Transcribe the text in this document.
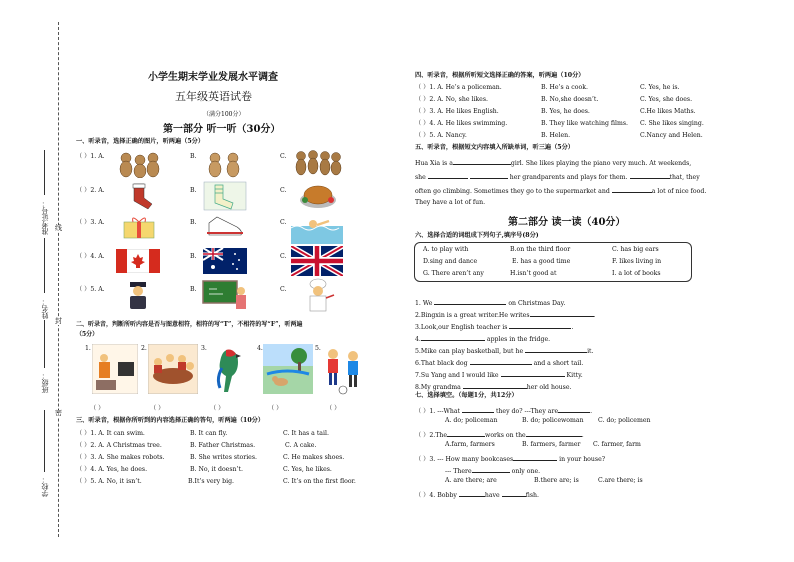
准考证号：
姓名：
班级：
学校：
线
封
密
小学生期末学业发展水平调查
五年级英语试卷
（满分100分）
第一部分 听一听（30分）
一、听录音，选择正确的图片，听两遍（5分）
（ ）1. A.	B.	C.
（ ）2. A.	B.	C.
（ ）3. A.	B.	C.
（ ）4. A.	B.	C.
（ ）5. A.	B.	C.
二、听录音，判断所听内容是否与图意相符，相符的写“T”，不相符的写“F”，听两遍
（5分）
1.	2.	3.	4.	5.
（ ）	（ ）	（ ）	（ ）	（ ）
三、听录音，根据你所听到的内容选择正确的答句，听两遍（10分）
（ ）1. A. It can swim.	B. It can fly.	C. It has a tail.
（ ）2. A. A Christmas tree.	B. Father Christmas.	C. A cake.
（ ）3. A. She makes robots.	B. She writes stories.	C. He makes shoes.
（ ）4. A. Yes, he does.	B. No, it doesn’t.	C. Yes, he likes.
（ ）5. A. No, it isn’t.	B.It’s very big.	C. It’s on the first floor.
四、听录音，根据所听短文选择正确的答案，听两遍（10分）
（ ）1. A. He’s a policeman.	B. He’s a cook.	C. Yes, he is.
（ ）2. A. No, she likes.	B. No,she doesn’t.	C. Yes, she does.
（ ）3. A. He likes English.	B. Yes, he does.	C.He likes Maths.
（ ）4. A. He likes swimming.	B. They like watching films. C. She likes singing.
（ ）5. A. Nancy.	B. Helen.	C.Nancy and Helen.
五、听录音，根据短文内容填入所缺单词，听三遍（5分）
Hua Xia is a	girl. She likes playing the piano very much. At weekends,
she	her grandparents and plays for them.	that, they
often go climbing. Sometimes they go to the supermarket and	a lot of nice food.
They have a lot of fun.
第二部分 读一读（40分）
六、选择合适的词组成下列句子,填序号(8分)
A. to play with	B.on the third floor	C. has big ears
D.sing and dance	E. has a good time	F. likes living in
G. There aren’t any	H.isn’t good at	I. a lot of books
1. We	on Christmas Day.
2.Bingxin is a great writer.He writes	.
3.Look,our English teacher is	.
4.	apples in the fridge.
5.Mike can play basketball, but he	it.
6.That black dog	and a short tail.
7.Su Yang and I would like	Kitty.
8.My grandma	her old house.
七、选择填空。（每题1分，共12分）
（ ）1. ---What	they do? ---They are	.
A. do; policeman	B. do; policewoman C. do; policemen
（ ）2.The	works on the	.
A.farm, farmers	B. farmers, farmer C. farmer, farm
（ ）3. --- How many bookcases	in your house?
--- There	only one.
A. are there; are	B.there are; is	C.are there; is
（ ）4. Bobby	have	fish.
